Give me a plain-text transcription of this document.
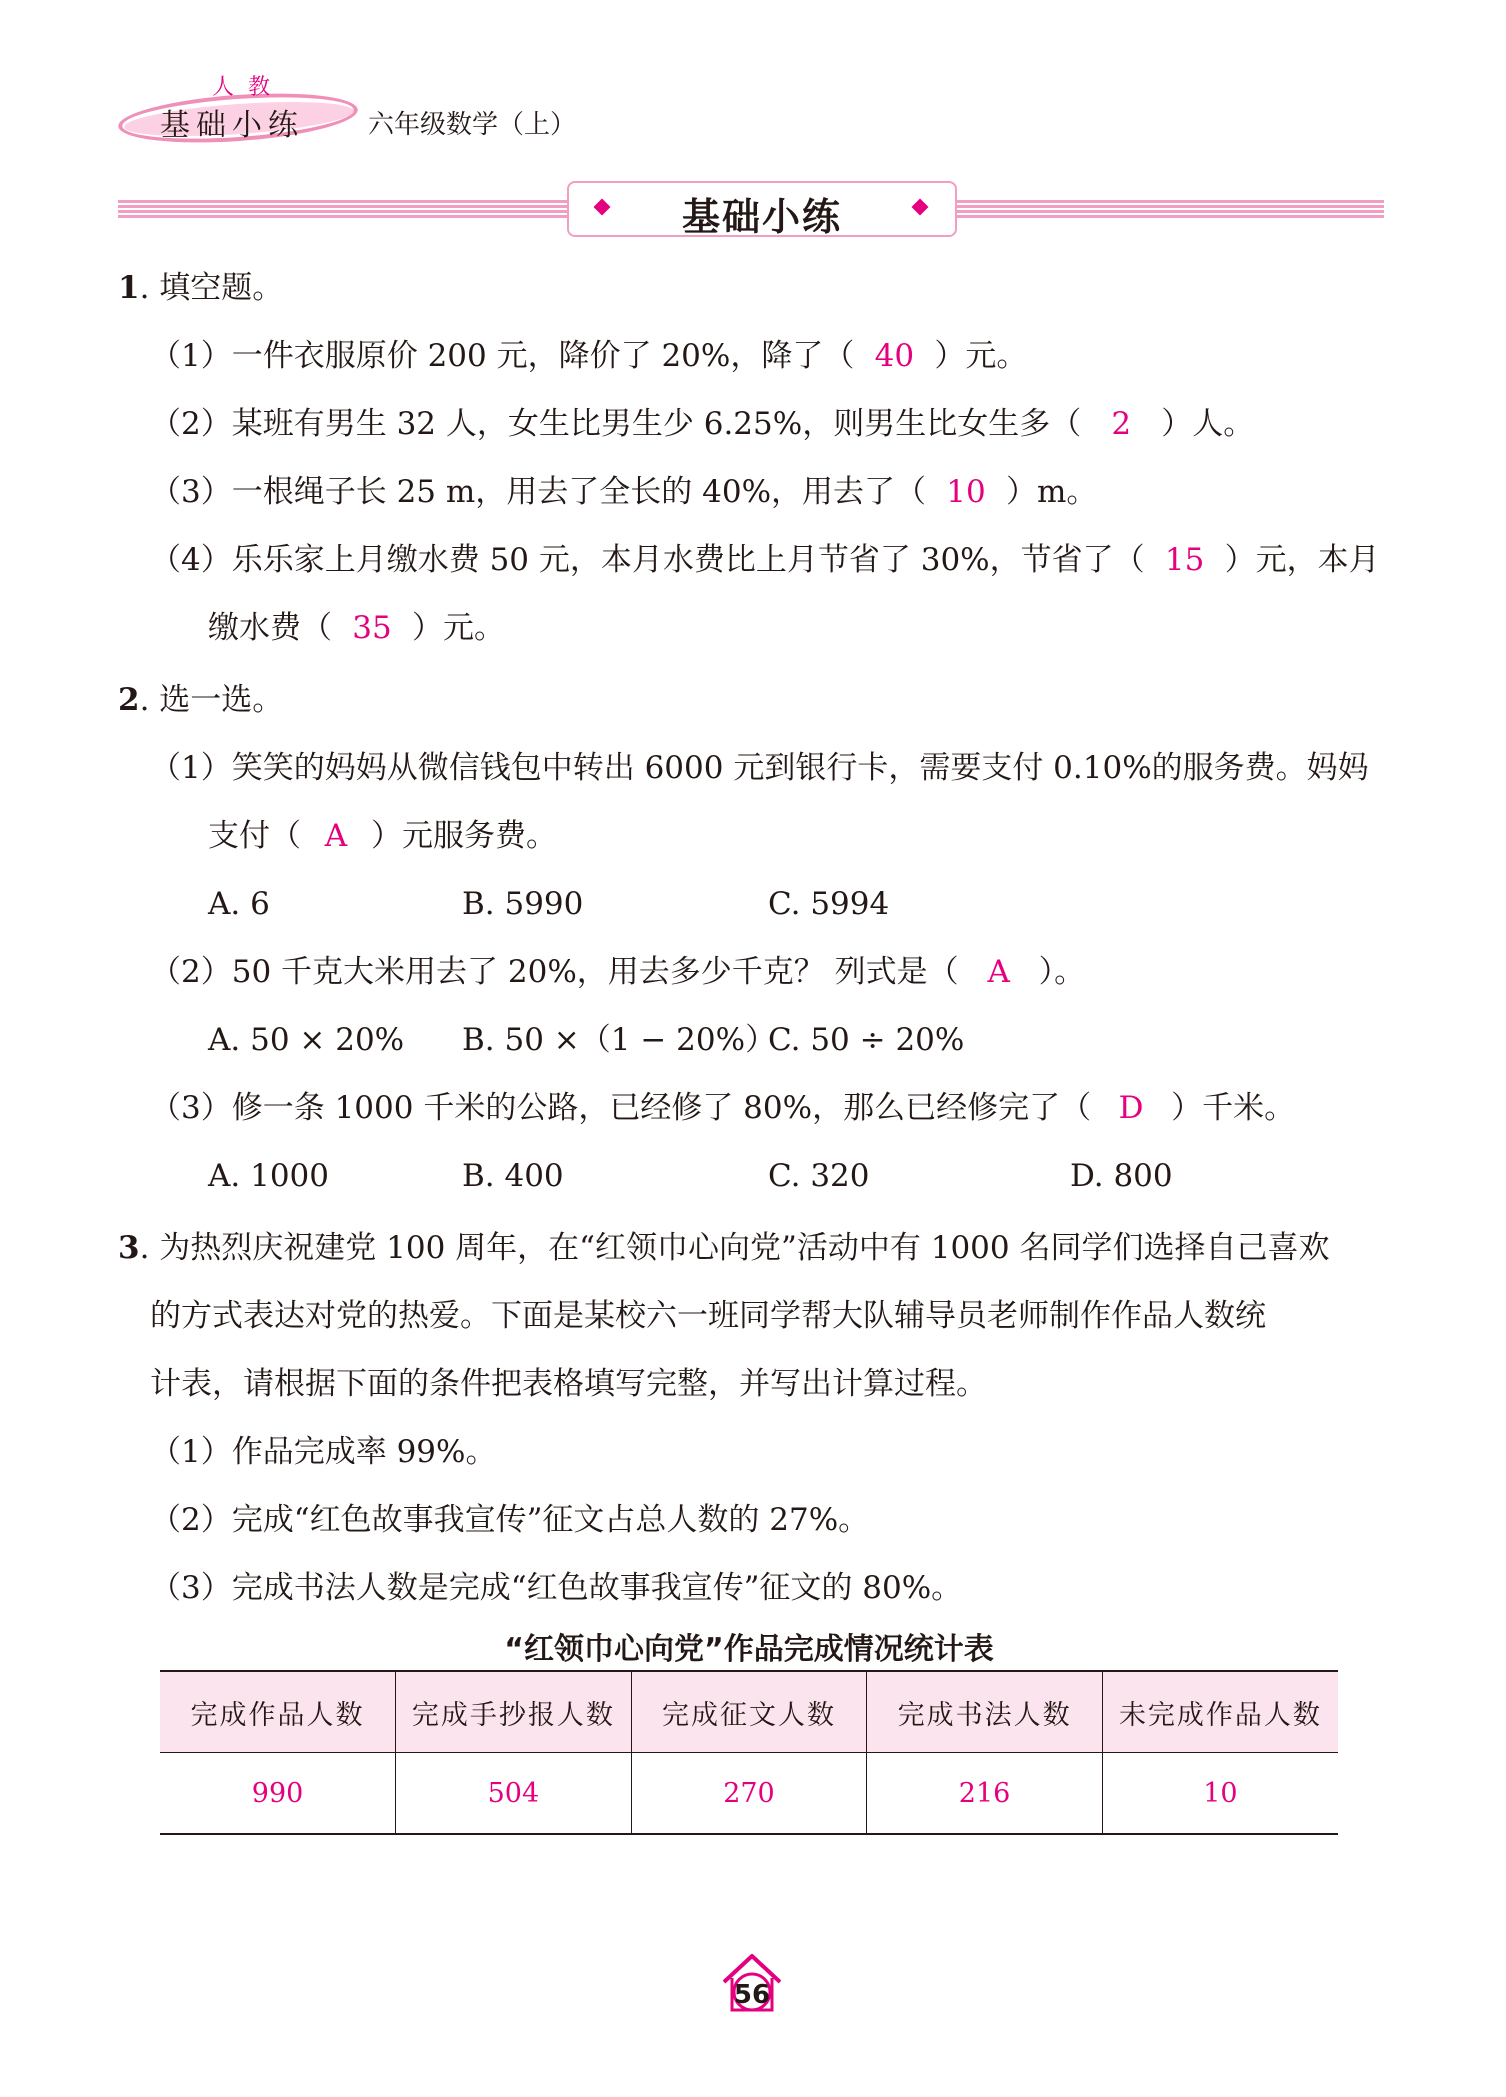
人教
基础小练 六年级数学（上）
基础小练
1. 填空题。
（1）一件衣服原价 200 元，降价了 20%，降了（ 40 ）元。
（2）某班有男生 32 人，女生比男生少 6.25%，则男生比女生多（ 2 ）人。
（3）一根绳子长 25 m，用去了全长的 40%，用去了（ 10 ）m。
（4）乐乐家上月缴水费 50 元，本月水费比上月节省了 30%，节省了（ 15 ）元，本月
缴水费（ 35 ）元。
2. 选一选。
（1）笑笑的妈妈从微信钱包中转出 6000 元到银行卡，需要支付 0.10%的服务费。妈妈
支付（ A ）元服务费。
A. 6	B. 5990	C. 5994
（2）50 千克大米用去了 20%，用去多少千克？ 列式是（ A ）。
A. 50 × 20% B. 50 ×（1 − 20%）
C. 50 ÷ 20%
（3）修一条 1000 千米的公路，已经修了 80%，那么已经修完了（ D ）千米。
A. 1000	B. 400	C. 320	D. 800
3. 为热烈庆祝建党 100 周年，在“红领巾心向党”活动中有 1000 名同学们选择自己喜欢
的方式表达对党的热爱。下面是某校六一班同学帮大队辅导员老师制作作品人数统
计表，请根据下面的条件把表格填写完整，并写出计算过程。
（1）作品完成率 99%。
（2）完成“红色故事我宣传”征文占总人数的 27%。
（3）完成书法人数是完成“红色故事我宣传”征文的 80%。
“红领巾心向党”作品完成情况统计表
完成作品人数	完成手抄报人数	完成征文人数	完成书法人数	未完成作品人数
990	504	270	216	10
56
